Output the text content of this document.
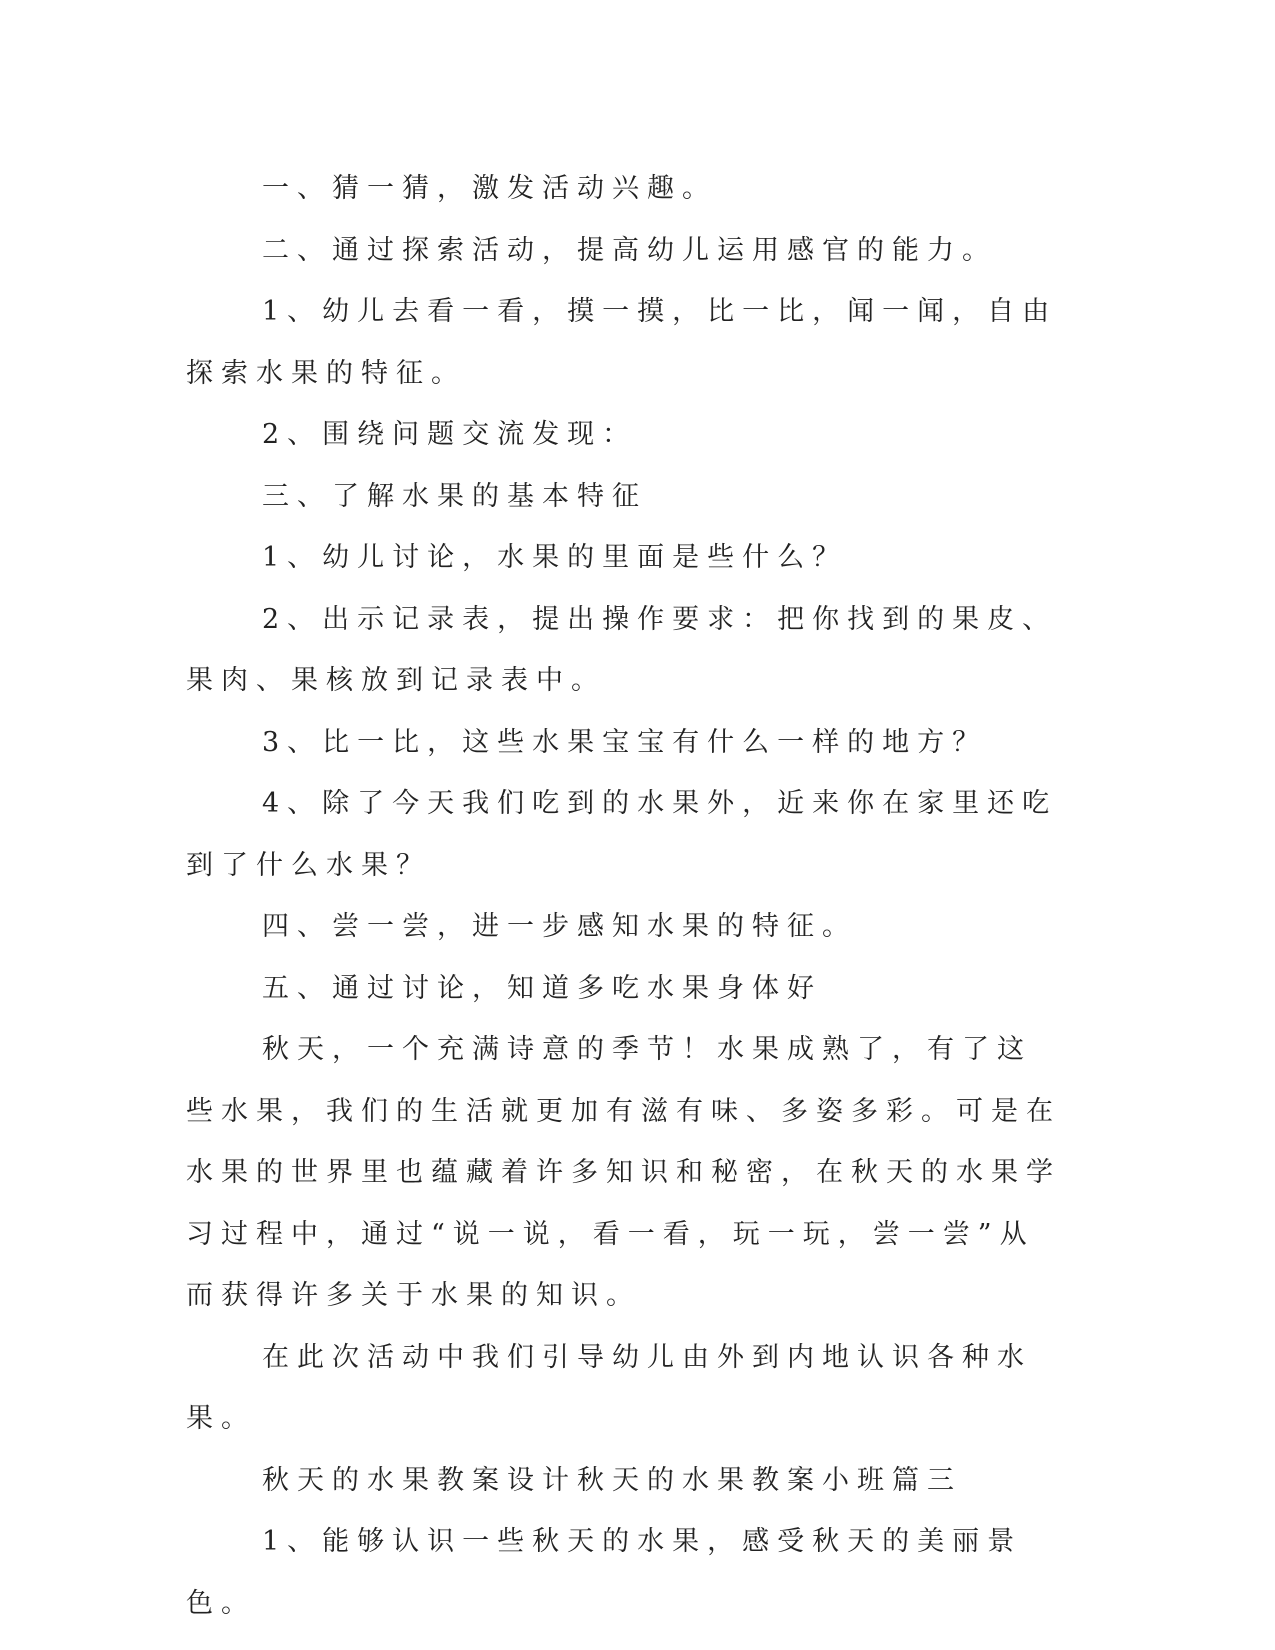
一、猜一猜，激发活动兴趣。

二、通过探索活动，提高幼儿运用感官的能力。

1、幼儿去看一看，摸一摸，比一比，闻一闻，自由探索水果的特征。

2、围绕问题交流发现：

三、了解水果的基本特征

1、幼儿讨论，水果的里面是些什么？

2、出示记录表，提出操作要求：把你找到的果皮、果肉、果核放到记录表中。

3、比一比，这些水果宝宝有什么一样的地方？

4、除了今天我们吃到的水果外，近来你在家里还吃到了什么水果？

四、尝一尝，进一步感知水果的特征。

五、通过讨论，知道多吃水果身体好

秋天，一个充满诗意的季节！水果成熟了，有了这些水果，我们的生活就更加有滋有味、多姿多彩。可是在水果的世界里也蕴藏着许多知识和秘密，在秋天的水果学习过程中，通过“说一说，看一看，玩一玩，尝一尝”从而获得许多关于水果的知识。

在此次活动中我们引导幼儿由外到内地认识各种水果。

秋天的水果教案设计秋天的水果教案小班篇三

1、能够认识一些秋天的水果，感受秋天的美丽景色。
